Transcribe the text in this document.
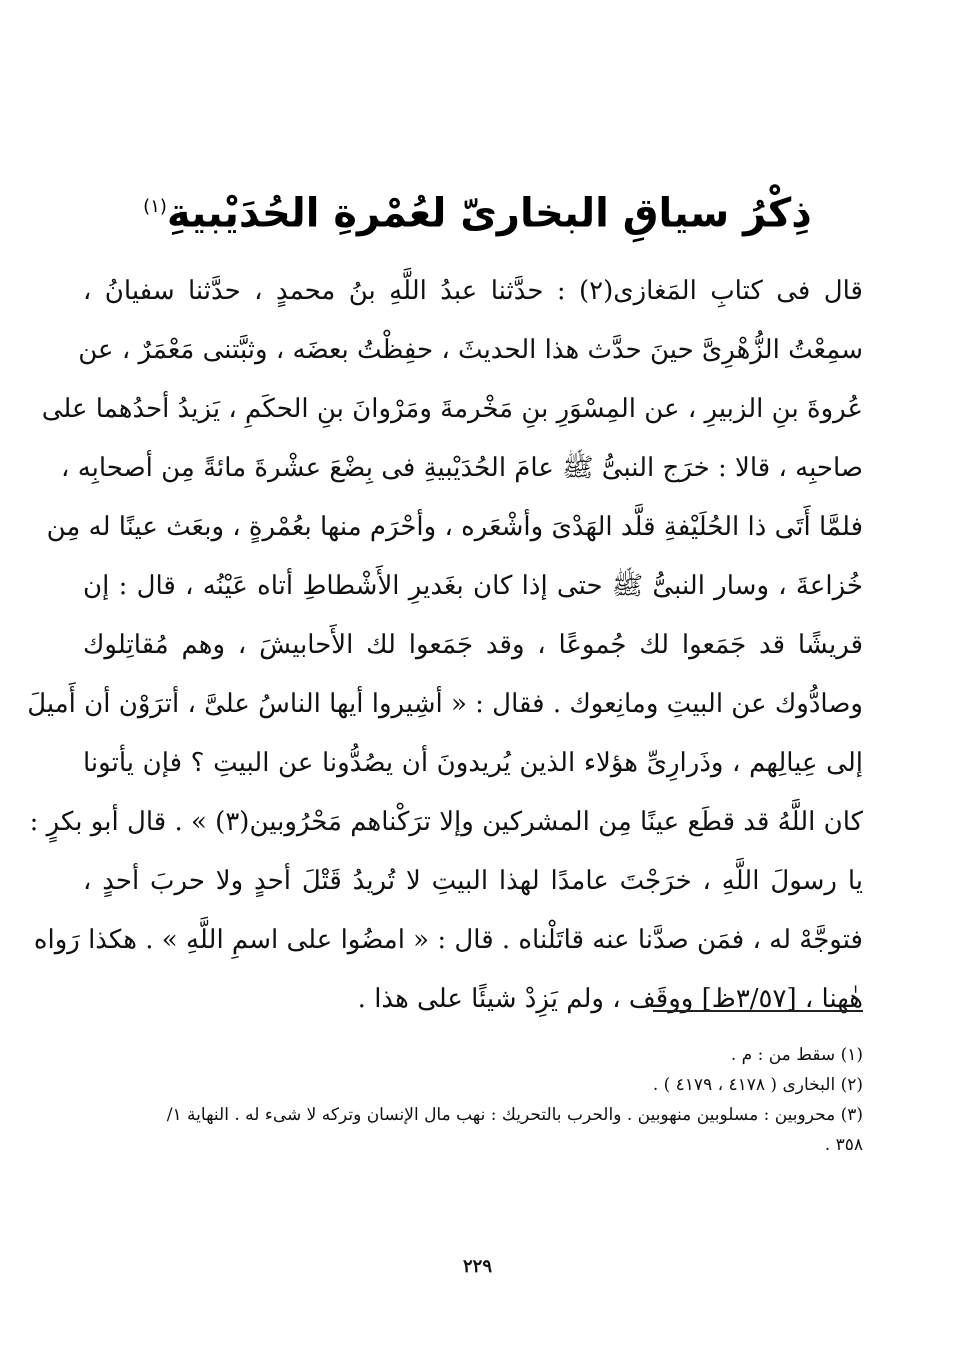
ذِكْرُ سياقِ البخارىّ لعُمْرةِ الحُدَيْبيةِ$^{(١)}$
قال فى كتابِ المَغازى(٢) : حدَّثنا عبدُ اللَّهِ بنُ محمدٍ ، حدَّثنا سفيانُ ،
سمِعْتُ الزُّهْرِىَّ حينَ حدَّث هذا الحديثَ ، حفِظْتُ بعضَه ، وثبَّتنى مَعْمَرٌ ، عن
عُروةَ بنِ الزبيرِ ، عن المِسْوَرِ بنِ مَخْرمةَ ومَرْوانَ بنِ الحكَمِ ، يَزيدُ أحدُهما على
صاحبِه ، قالا : خرَج النبىُّ ﷺ عامَ الحُدَيْبيةِ فى بِضْعَ عشْرةَ مائةً مِن أصحابِه ،
فلمَّا أَتَى ذا الحُلَيْفةِ قلَّد الهَدْىَ وأشْعَره ، وأحْرَم منها بعُمْرةٍ ، وبعَث عينًا له مِن
خُزاعةَ ، وسار النبىُّ ﷺ حتى إذا كان بغَديرِ الأَشْطاطِ أتاه عَيْنُه ، قال : إن
قريشًا قد جَمَعوا لك جُموعًا ، وقد جَمَعوا لك الأَحابيشَ ، وهم مُقاتِلوك
وصادُّوك عن البيتِ ومانِعوك . فقال : « أشِيروا أيها الناسُ علىَّ ، أترَوْن أن أَميلَ
إلى عِيالِهم ، وذَرارِىِّ هؤلاء الذين يُريدونَ أن يصُدُّونا عن البيتِ ؟ فإن يأتونا
كان اللَّهُ قد قطَع عينًا مِن المشركين وإلا ترَكْناهم مَحْرُوبين(٣) » . قال أبو بكرٍ :
يا رسولَ اللَّهِ ، خرَجْتَ عامدًا لهذا البيتِ لا تُريدُ قَتْلَ أحدٍ ولا حربَ أحدٍ ،
فتوجَّهْ له ، فمَن صدَّنا عنه قاتَلْناه . قال : « امضُوا على اسمِ اللَّهِ » . هكذا رَواه
هٰهنا ، [٣/٥٧ظ] ووقَف ، ولم يَزِدْ شيئًا على هذا .
(١) سقط من : م .
(٢) البخارى ( ٤١٧٨ ، ٤١٧٩ ) .
(٣) محروبين : مسلوبين منهوبين . والحرب بالتحريك : نهب مال الإنسان وتركه لا شىء له . النهاية ١/
٣٥٨ .
٢٢٩
